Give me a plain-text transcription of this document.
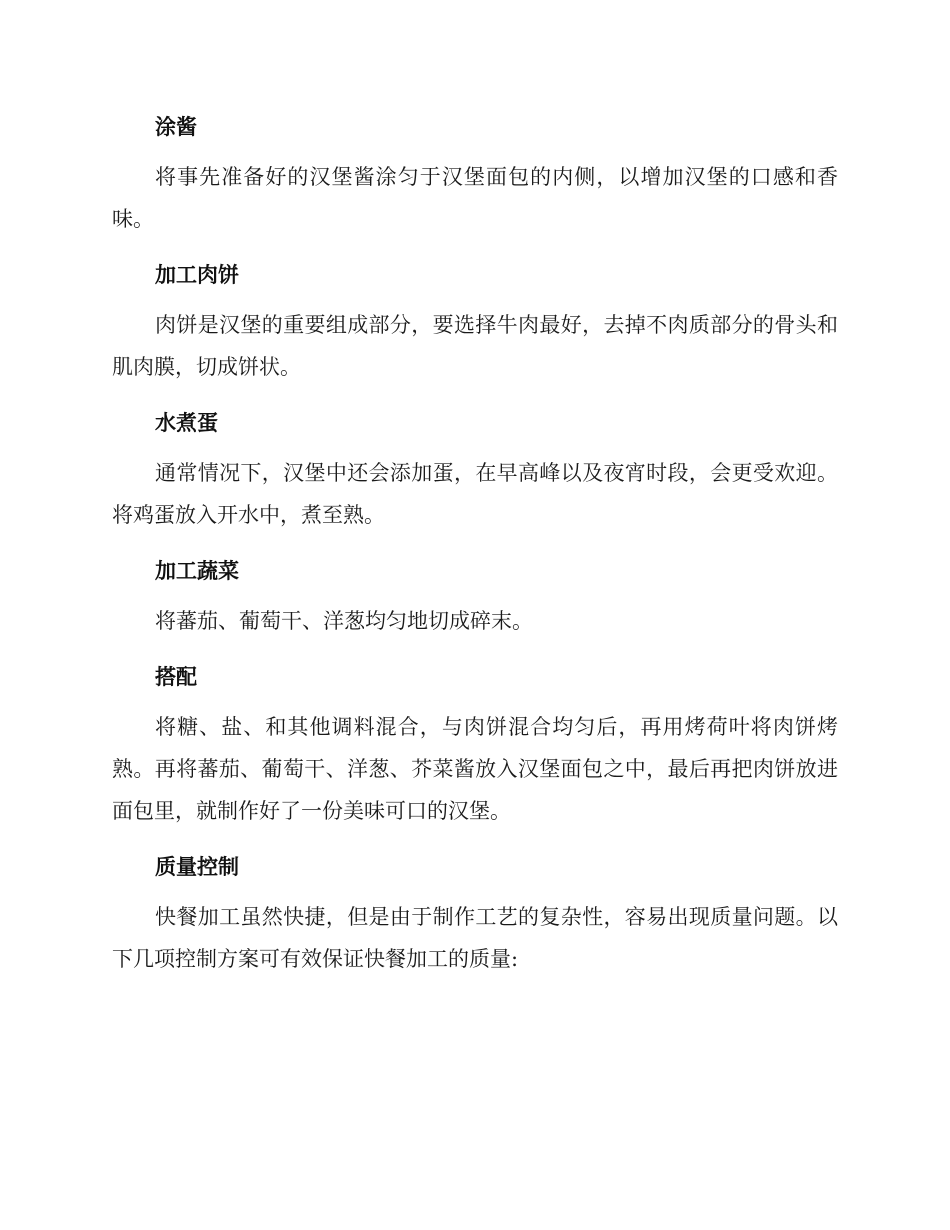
涂酱

将事先准备好的汉堡酱涂匀于汉堡面包的内侧，以增加汉堡的口感和香味。

加工肉饼

肉饼是汉堡的重要组成部分，要选择牛肉最好，去掉不肉质部分的骨头和肌肉膜，切成饼状。

水煮蛋

通常情况下，汉堡中还会添加蛋，在早高峰以及夜宵时段，会更受欢迎。将鸡蛋放入开水中，煮至熟。

加工蔬菜

将蕃茄、葡萄干、洋葱均匀地切成碎末。

搭配

将糖、盐、和其他调料混合，与肉饼混合均匀后，再用烤荷叶将肉饼烤熟。再将蕃茄、葡萄干、洋葱、芥菜酱放入汉堡面包之中，最后再把肉饼放进面包里，就制作好了一份美味可口的汉堡。

质量控制

快餐加工虽然快捷，但是由于制作工艺的复杂性，容易出现质量问题。以下几项控制方案可有效保证快餐加工的质量:
